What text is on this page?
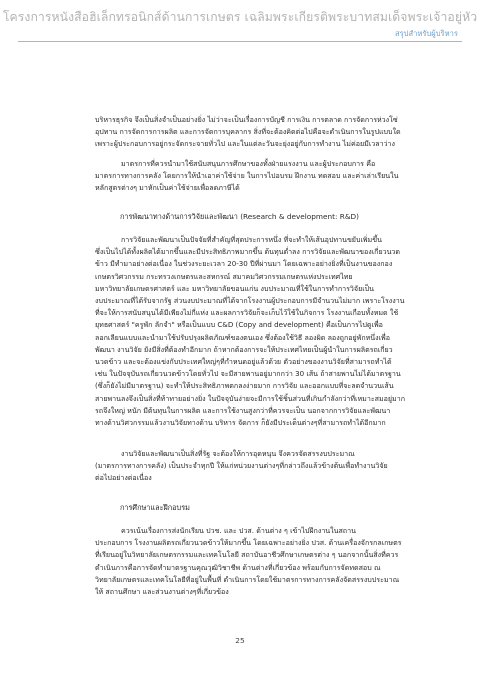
โครงการหนังสือฮิเล็กทรอนิกส์ด้านการเกษตร เฉลิมพระเกียรติพระบาทสมเด็จพระเจ้าอยู่หัว
สรุปสำหรับผู้บริหาร
บริหารธุรกิจ จึงเป็นสิ่งจำเป็นอย่างยิ่ง ไม่ว่าจะเป็นเรื่องการบัญชี การเงิน การตลาด การจัดการห่วงโซ่
อุปทาน การจัดการการผลิต และการจัดการบุคลากร สิ่งที่จะต้องคิดต่อไปคือจะดำเนินการในรูปแบบใด
เพราะผู้ประกอบการอยู่กระจัดกระจายทั่วไป และในแต่ละวันจะยุ่งอยู่กับการทำงาน ไม่ค่อยมีเวลาว่าง
มาตรการที่ควรนำมาใช้สนับสนุนการศึกษาของทั้งฝ่ายแรงงาน และผู้ประกอบการ คือ
มาตรการทางการคลัง โดยการให้นำเอาค่าใช้จ่าย ในการไปอบรม ฝึกงาน ทดสอบ และค่าเล่าเรียนใน
หลักสูตรต่างๆ มาหักเป็นค่าใช้จ่ายเพื่อลดภาษีได้
การพัฒนาทางด้านการวิจัยและพัฒนา (Research & development: R&D)
การวิจัยและพัฒนาเป็นปัจจัยที่สำคัญที่สุดประการหนึ่ง ที่จะทำให้เส้นอุปทานขยับเพิ่มขึ้น
ซึ่งเป็นไปได้ทั้งผลิตได้มากขึ้นและมีประสิทธิภาพมากขึ้น ต้นทุนต่ำลง การวิจัยและพัฒนาของเกี่ยวนวด
ข้าว มีทำมาอย่างต่อเนื่อง ในช่วงระยะเวลา 20-30 ปีที่ผ่านมา โดยเฉพาะอย่างยิ่งที่เป็นงานของกอง
เกษตรวิศวกรรม กระทรวงเกษตรและสหกรณ์ สมาคมวิศวกรรมเกษตรแห่งประเทศไทย
มหาวิทยาลัยเกษตรศาสตร์ และ มหาวิทยาลัยขอนแก่น งบประมาณที่ใช้ในการทำการวิจัยเป็น
งบประมาณที่ได้รับจากรัฐ ส่วนงบประมาณที่ได้จากโรงงานผู้ประกอบการมีจำนวนไม่มาก เพราะโรงงาน
ที่จะให้การสนับสนุนได้มีเพียงไม่กี่แห่ง และผลการวิจัยก็จะเก็บไว้ใช้ในกิจการ โรงงานเกือบทั้งหมด ใช้
ยุทธศาสตร์ "ครูพัก ลักจำ" หรือเป็นแบบ C&D (Copy and development) คือเป็นการไปดูเพื่อ
ลอกเลียนแบบและนำมาใช้ปรับปรุงผลิตภัณฑ์ของตนเอง ซึ่งต้องใช้วิธี ลองผิด ลองถูกอยู่พักหนึ่งเพื่อ
พัฒนา งานวิจัย ยังมีสิ่งที่ต้องทำอีกมาก ถ้าหากต้องการจะให้ประเทศไทยเป็นผู้นำในการผลิตรถเกี่ยว
นวดข้าว และจะต้องแข่งกับประเทศใหญ่ๆที่กำหนดอยู่แล้วด้วย ตัวอย่างของงานวิจัยที่สามารถทำได้
เช่น ในปัจจุบันรถเกี่ยวนวดข้าวโดยทั่วไป จะมีสายพานอยู่มากกว่า 30 เส้น ถ้าสายพานไม่ได้มาตรฐาน
(ซึ่งก็ยังไม่มีมาตรฐาน) จะทำให้ประสิทธิภาพตกลงง่ายมาก การวิจัย และออกแบบที่จะลดจำนวนเส้น
สายพานลงจึงเป็นสิ่งที่ท้าทายอย่างยิ่ง ในปัจจุบันง่ายจะมีการใช้ชิ้นส่วนที่เกินกำลังกว่าที่เหมาะสมอยู่มาก
รถจึงใหญ่ หนัก มีต้นทุนในการผลิต และการใช้งานสูงกว่าที่ควรจะเป็น นอกจากการวิจัยและพัฒนา
ทางด้านวิศวกรรมแล้วงานวิจัยทางด้าน บริหาร จัดการ ก็ยังมีประเด็นต่างๆที่สามารถทำได้อีกมาก
งานวิจัยและพัฒนาเป็นสิ่งที่รัฐ จะต้องให้การอุดหนุน จึงควรจัดสรรงบประมาณ
(มาตรการทางการคลัง) เป็นประจำทุกปี ให้แก่หน่วยงานต่างๆที่กล่าวถึงแล้วข้างต้นเพื่อทำงานวิจัย
ต่อไปอย่างต่อเนื่อง
การศึกษาและฝึกอบรม
ควรเน้นเรื่องการส่งนักเรียน ปวช. และ ปวส. ด้านต่าง ๆ เข้าไปฝึกงานในสถาน
ประกอบการ โรงงานผลิตรถเกี่ยวนวดข้าวให้มากขึ้น โดยเฉพาะอย่างยิ่ง ปวส. ด้านเครื่องจักรกลเกษตร
ที่เรียนอยู่ในวิทยาลัยเกษตรกรรมและเทคโนโลยี สถาบันอาชีวศึกษาเกษตรต่าง ๆ นอกจากนั้นสิ่งที่ควร
ดำเนินการคือการจัดทำมาตรฐานคุณวุฒิวิชาชีพ ด้านต่างที่เกี่ยวข้อง พร้อมกับการจัดทดสอบ ณ
วิทยาลัยเกษตรและเทคโนโลยีที่อยู่ในพื้นที่ ดำเนินการโดยใช้มาตรการทางการคลังจัดสรรงบประมาณ
ให้ สถานศึกษา และส่วนงานต่างๆที่เกี่ยวข้อง
25
